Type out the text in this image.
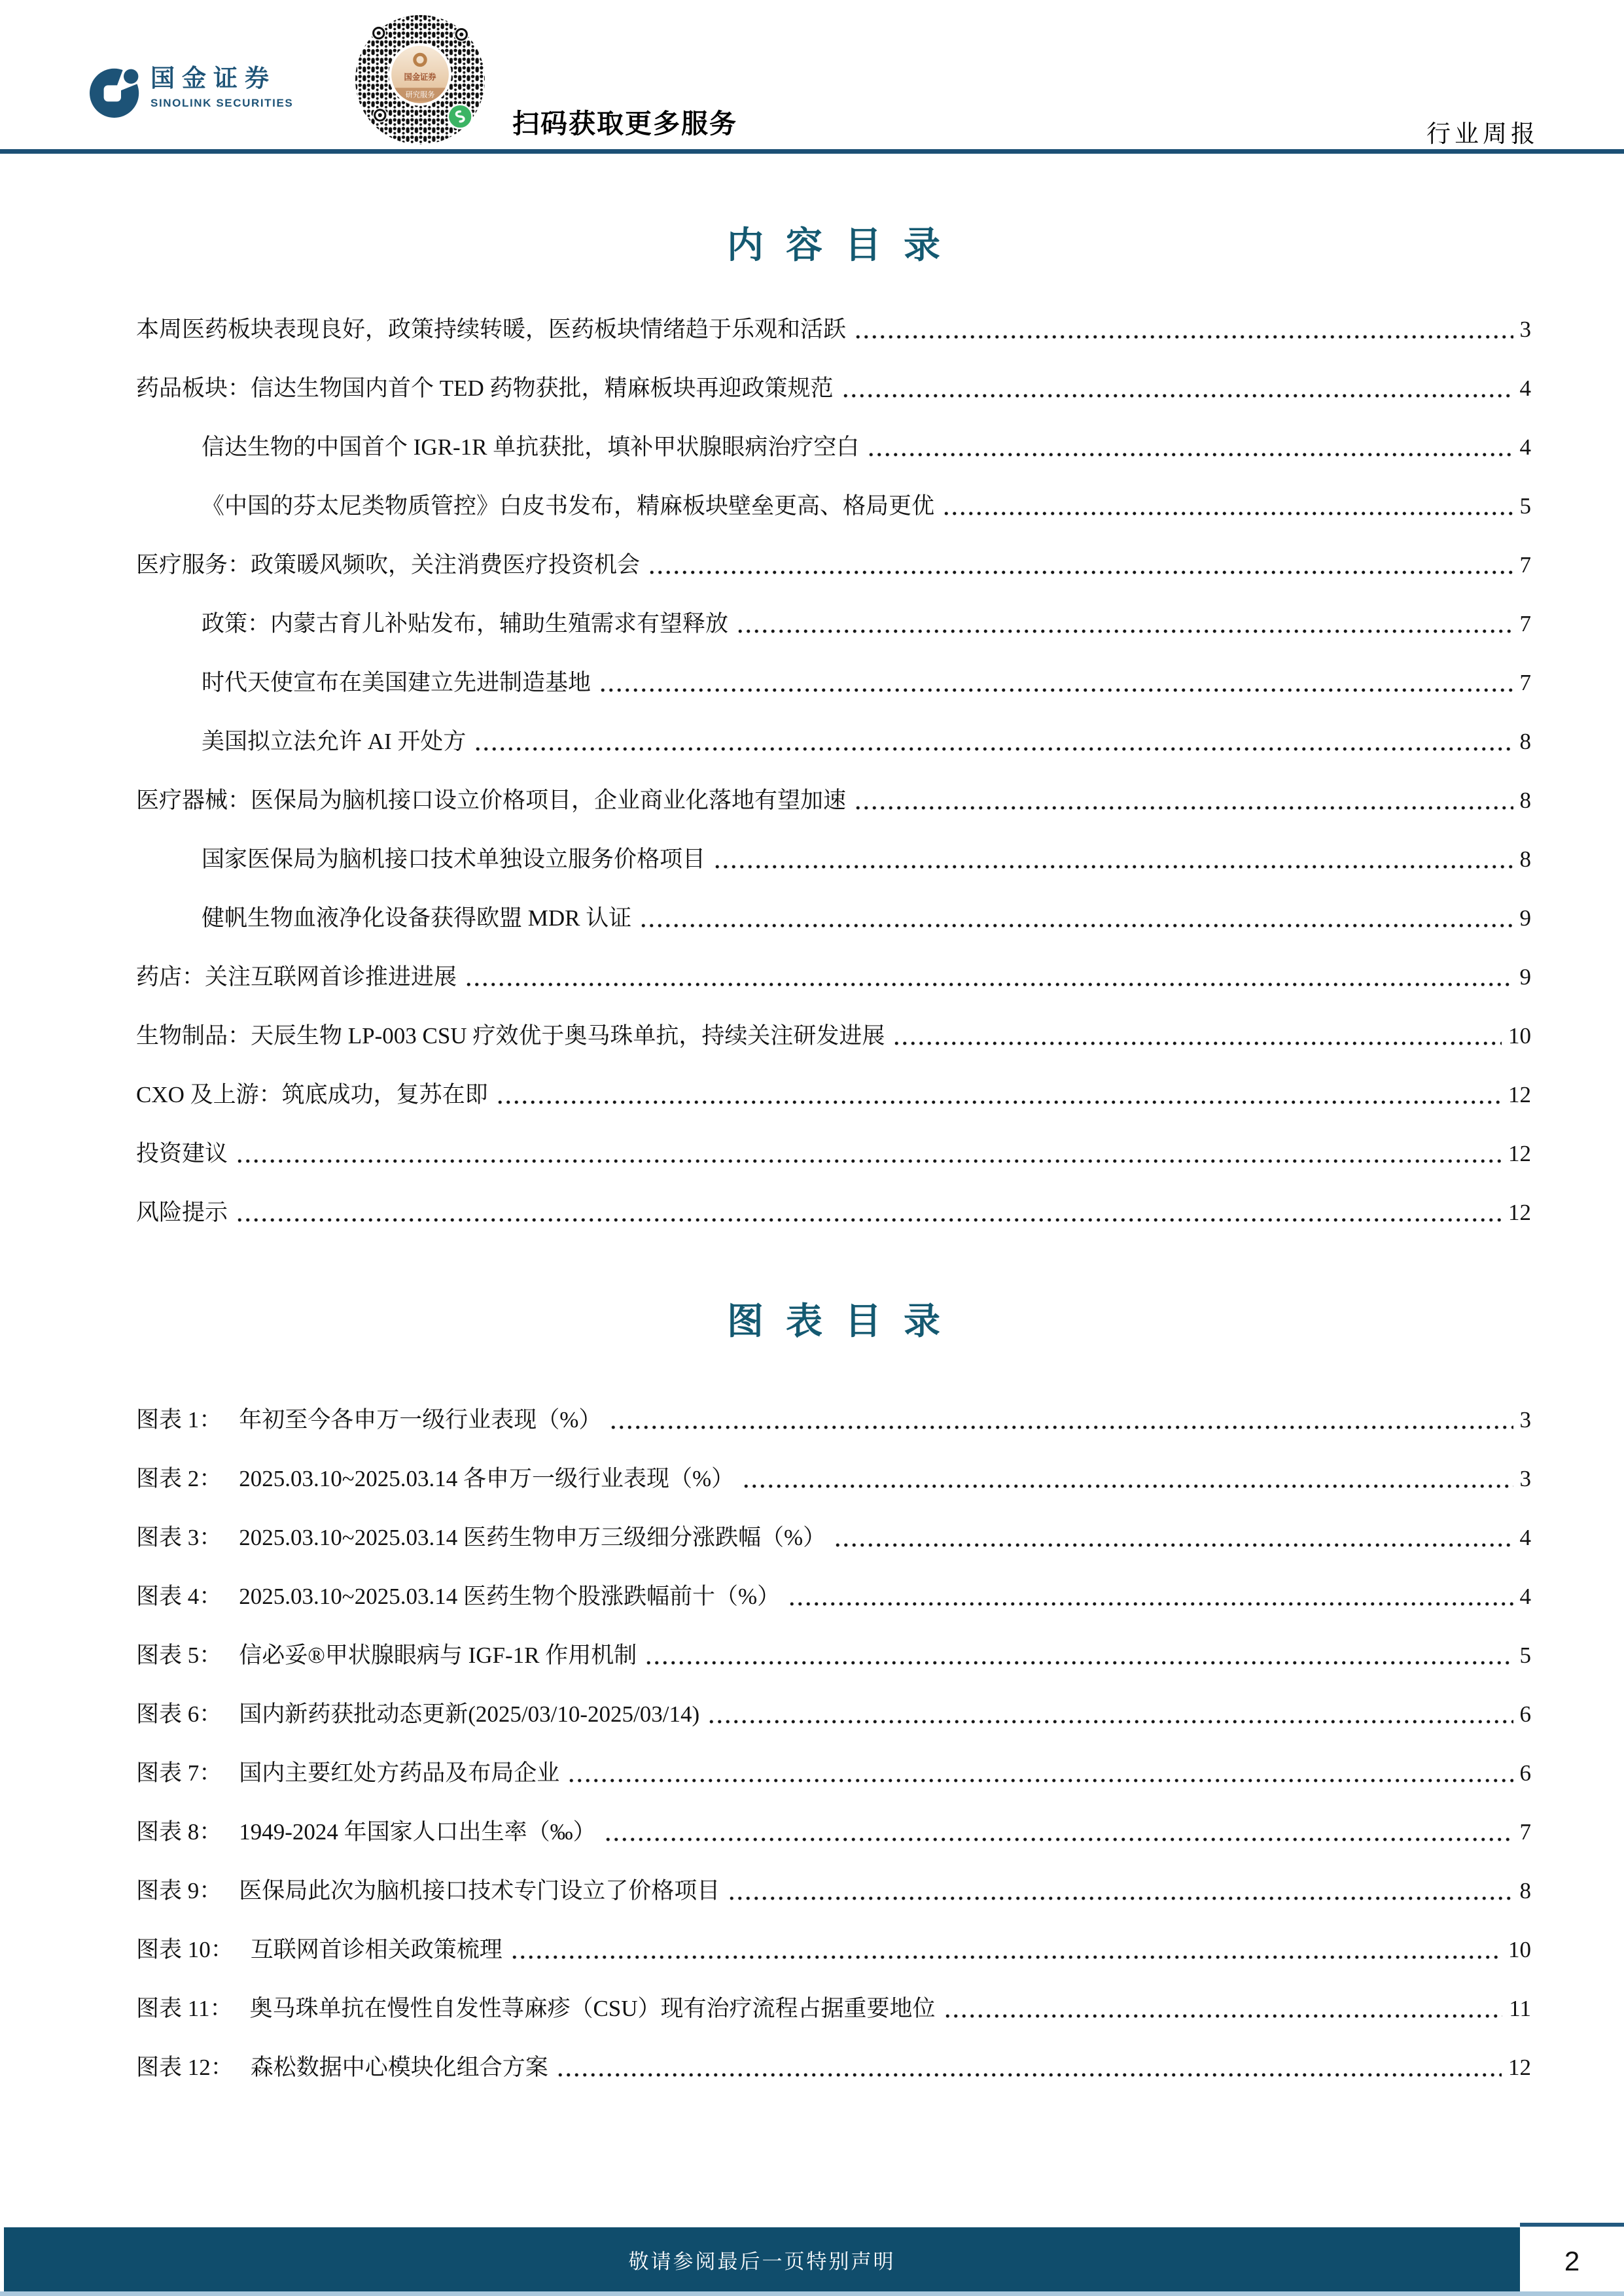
国金证券
SINOLINK SECURITIES
国金证券
研究服务
扫码获取更多服务	行业周报
内容目录
本周医药板块表现良好，政策持续转暖，医药板块情绪趋于乐观和活跃	3
药品板块：信达生物国内首个 TED 药物获批，精麻板块再迎政策规范	4
信达生物的中国首个 IGR-1R 单抗获批，填补甲状腺眼病治疗空白	4
《中国的芬太尼类物质管控》白皮书发布，精麻板块壁垒更高、格局更优	5
医疗服务：政策暖风频吹，关注消费医疗投资机会	7
政策：内蒙古育儿补贴发布，辅助生殖需求有望释放	7
时代天使宣布在美国建立先进制造基地	7
美国拟立法允许 AI 开处方	8
医疗器械：医保局为脑机接口设立价格项目，企业商业化落地有望加速	8
国家医保局为脑机接口技术单独设立服务价格项目	8
健帆生物血液净化设备获得欧盟 MDR 认证	9
药店：关注互联网首诊推进进展	9
生物制品：天辰生物 LP-003 CSU 疗效优于奥马珠单抗，持续关注研发进展	10
CXO 及上游：筑底成功，复苏在即	12
投资建议	12
风险提示	12
图表目录
图表 1： 年初至今各申万一级行业表现（%）	3
图表 2： 2025.03.10~2025.03.14 各申万一级行业表现（%）	3
图表 3： 2025.03.10~2025.03.14 医药生物申万三级细分涨跌幅（%）	4
图表 4： 2025.03.10~2025.03.14 医药生物个股涨跌幅前十（%）	4
图表 5： 信必妥®甲状腺眼病与 IGF-1R 作用机制	5
图表 6： 国内新药获批动态更新(2025/03/10-2025/03/14)	6
图表 7： 国内主要红处方药品及布局企业	6
图表 8： 1949-2024 年国家人口出生率（‰）	7
图表 9： 医保局此次为脑机接口技术专门设立了价格项目	8
图表 10： 互联网首诊相关政策梳理	10
图表 11： 奥马珠单抗在慢性自发性荨麻疹（CSU）现有治疗流程占据重要地位	11
图表 12： 森松数据中心模块化组合方案	12
敬请参阅最后一页特别声明	2
